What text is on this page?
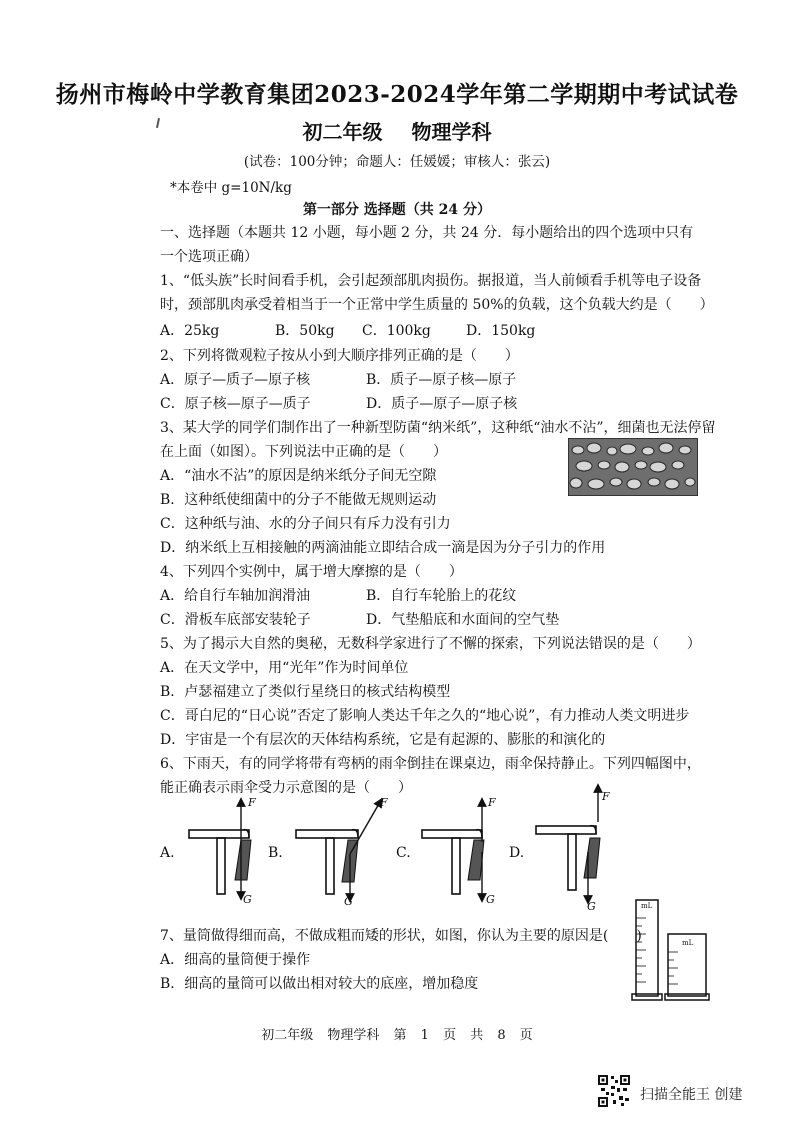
扬州市梅岭中学教育集团2023-2024学年第二学期期中考试试卷
初二年级 物理学科
(试卷：100分钟；命题人：任媛媛；审核人：张云)
*本卷中 g=10N/kg
第一部分 选择题（共 24 分）
一、选择题（本题共 12 小题，每小题 2 分，共 24 分．每小题给出的四个选项中只有
一个选项正确）
1、“低头族”长时间看手机，会引起颈部肌肉损伤。据报道，当人前倾看手机等电子设备
时，颈部肌肉承受着相当于一个正常中学生质量的 50%的负载，这个负载大约是（　　）
A．25kg	B．50kg C．100kg	D．150kg
2、下列将微观粒子按从小到大顺序排列正确的是（　　）
A．原子—质子—原子核	B．质子—原子核—原子
C．原子核—原子—质子	D．质子—原子—原子核
3、某大学的同学们制作出了一种新型防菌“纳米纸”，这种纸“油水不沾”，细菌也无法停留
在上面（如图）。下列说法中正确的是（　　）
A．“油水不沾”的原因是纳米纸分子间无空隙
B．这种纸使细菌中的分子不能做无规则运动
C．这种纸与油、水的分子间只有斥力没有引力
D．纳米纸上互相接触的两滴油能立即结合成一滴是因为分子引力的作用
4、下列四个实例中，属于增大摩擦的是（　　）
A．给自行车轴加润滑油	B．自行车轮胎上的花纹
C．滑板车底部安装轮子	D．气垫船底和水面间的空气垫
5、为了揭示大自然的奥秘，无数科学家进行了不懈的探索，下列说法错误的是（　　）
A．在天文学中，用“光年”作为时间单位
B．卢瑟福建立了类似行星绕日的核式结构模型
C．哥白尼的“日心说”否定了影响人类达千年之久的“地心说”，有力推动人类文明进步
D．宇宙是一个有层次的天体结构系统，它是有起源的、膨胀的和演化的
6、下雨天，有的同学将带有弯柄的雨伞倒挂在课桌边，雨伞保持静止。下列四幅图中，
能正确表示雨伞受力示意图的是（　　）
A.
F
G
B.
F
G
C.
F
G
D.
F
G
7、量筒做得细而高，不做成粗而矮的形状，如图，你认为主要的原因是(　　)
A．细高的量筒便于操作
B．细高的量筒可以做出相对较大的底座，增加稳度
mL
mL
初二年级 物理学科 第 1 页 共 8 页
扫描全能王 创建
